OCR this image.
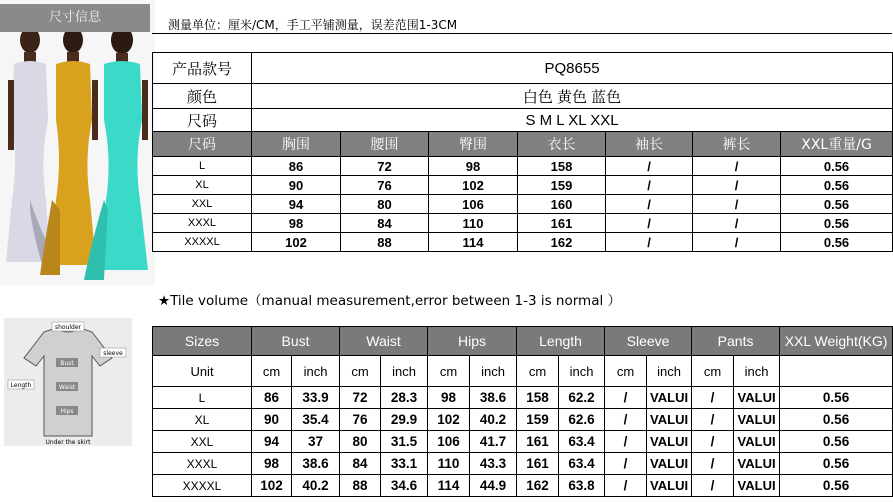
尺寸信息	测量单位：厘米/CM，手工平铺测量，误差范围1-3CM
产品款号	PQ8655						
颜色	白色 黄色 蓝色						
尺码	S M L XL XXL						
尺码	胸围	腰围	臀围	衣长	袖长	裤长	XXL重量/G
L	86	72	98	158	/	/	0.56
XL	90	76	102	159	/	/	0.56
XXL	94	80	106	160	/	/	0.56
XXXL	98	84	110	161	/	/	0.56
XXXXL	102	88	114	162	/	/	0.56
★Tile volume（manual measurement,error between 1-3 is normal ）
shoulder
Bust
Waist
Hips
Length
sleeve
Under the skirt
Sizes	Bust		Waist		Hips		Length		Sleeve		Pants		XXL Weight(KG)
Unit	cm	inch	cm	inch	cm	inch	cm	inch	cm	inch	cm	inch	
L	86	33.9	72	28.3	98	38.6	158	62.2	/	VALUI	/	VALUI	0.56
XL	90	35.4	76	29.9	102	40.2	159	62.6	/	VALUI	/	VALUI	0.56
XXL	94	37	80	31.5	106	41.7	161	63.4	/	VALUI	/	VALUI	0.56
XXXL	98	38.6	84	33.1	110	43.3	161	63.4	/	VALUI	/	VALUI	0.56
XXXXL	102	40.2	88	34.6	114	44.9	162	63.8	/	VALUI	/	VALUI	0.56
